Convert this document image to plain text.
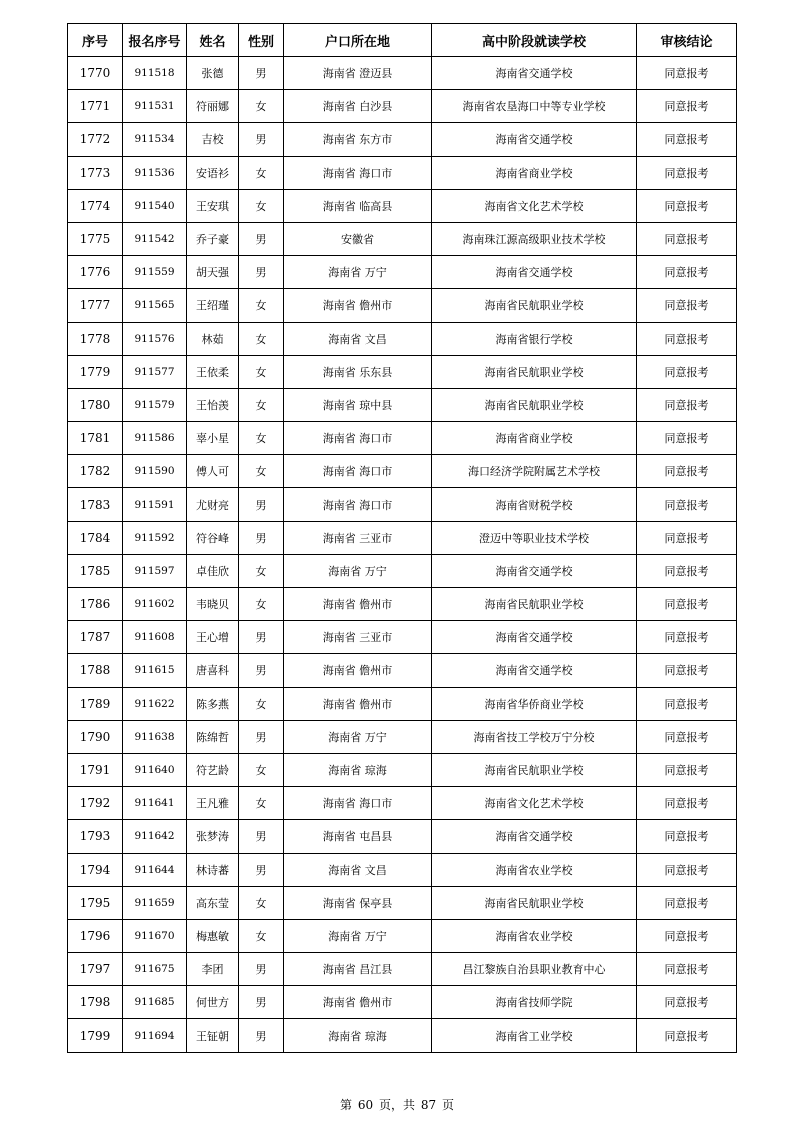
序号	报名序号	姓名	性别	户口所在地	高中阶段就读学校	审核结论
1770	911518	张德	男	海南省 澄迈县	海南省交通学校	同意报考
1771	911531	符丽娜	女	海南省 白沙县	海南省农垦海口中等专业学校	同意报考
1772	911534	吉校	男	海南省 东方市	海南省交通学校	同意报考
1773	911536	安语衫	女	海南省 海口市	海南省商业学校	同意报考
1774	911540	王安琪	女	海南省 临高县	海南省文化艺术学校	同意报考
1775	911542	乔子豪	男	安徽省	海南珠江源高级职业技术学校	同意报考
1776	911559	胡天强	男	海南省 万宁	海南省交通学校	同意报考
1777	911565	王绍瑾	女	海南省 儋州市	海南省民航职业学校	同意报考
1778	911576	林茹	女	海南省 文昌	海南省银行学校	同意报考
1779	911577	王依柔	女	海南省 乐东县	海南省民航职业学校	同意报考
1780	911579	王怡羡	女	海南省 琼中县	海南省民航职业学校	同意报考
1781	911586	辜小星	女	海南省 海口市	海南省商业学校	同意报考
1782	911590	傅人可	女	海南省 海口市	海口经济学院附属艺术学校	同意报考
1783	911591	尤财亮	男	海南省 海口市	海南省财税学校	同意报考
1784	911592	符谷峰	男	海南省 三亚市	澄迈中等职业技术学校	同意报考
1785	911597	卓佳欣	女	海南省 万宁	海南省交通学校	同意报考
1786	911602	韦晓贝	女	海南省 儋州市	海南省民航职业学校	同意报考
1787	911608	王心增	男	海南省 三亚市	海南省交通学校	同意报考
1788	911615	唐喜科	男	海南省 儋州市	海南省交通学校	同意报考
1789	911622	陈多燕	女	海南省 儋州市	海南省华侨商业学校	同意报考
1790	911638	陈绵哲	男	海南省 万宁	海南省技工学校万宁分校	同意报考
1791	911640	符艺龄	女	海南省 琼海	海南省民航职业学校	同意报考
1792	911641	王凡雅	女	海南省 海口市	海南省文化艺术学校	同意报考
1793	911642	张梦涛	男	海南省 屯昌县	海南省交通学校	同意报考
1794	911644	林诗蕃	男	海南省 文昌	海南省农业学校	同意报考
1795	911659	高东莹	女	海南省 保亭县	海南省民航职业学校	同意报考
1796	911670	梅惠敏	女	海南省 万宁	海南省农业学校	同意报考
1797	911675	李团	男	海南省 昌江县	昌江黎族自治县职业教育中心	同意报考
1798	911685	何世方	男	海南省 儋州市	海南省技师学院	同意报考
1799	911694	王钲朝	男	海南省 琼海	海南省工业学校	同意报考
第 60 页，共 87 页
